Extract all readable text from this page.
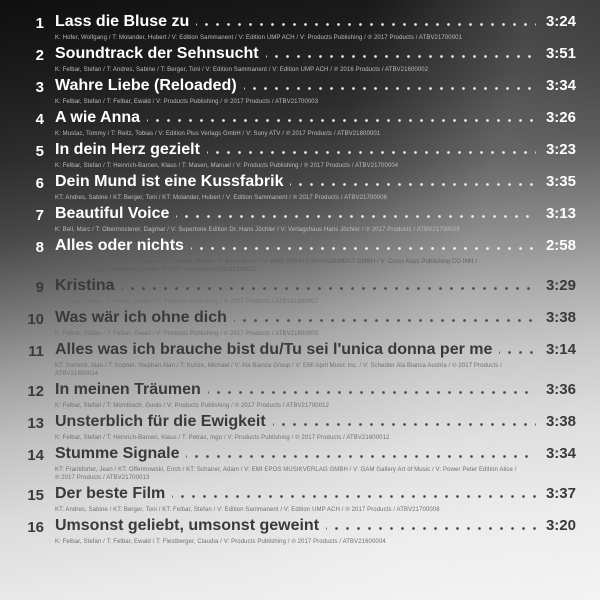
1 Lass die Bluse zu	3:24
K: Hofer, Wolfgang / T: Molander, Hubert / V: Edition Sammanent / V: Edition UMP ACH / V: Products Publishing / ℗ 2017 Products / ATBV21700001
2 Soundtrack der Sehnsucht	3:51
K: Felbar, Stefan / T: Andres, Sabine / T: Berger, Toni / V: Edition Sammanent / V: Edition UMP ACH / ℗ 2016 Products / ATBV21600002
3 Wahre Liebe (Reloaded)	3:34
K: Felbar, Stefan / T: Felbar, Ewald / V: Products Publishing / ℗ 2017 Products / ATBV21700003
4 A wie Anna	3:26
K: Mustac, Tommy / T: Reitz, Tobias / V: Edition Plus Verlags GmbH / V: Sony ATV / ℗ 2017 Products / ATBV21800001
5 In dein Herz gezielt	3:23
K: Felbar, Stefan / T: Heinrich-Barcen, Klaus / T: Masen, Manuel / V: Products Publishing / ℗ 2017 Products / ATBV21700004
6 Dein Mund ist eine Kussfabrik	3:35
KT: Andres, Sabine / KT: Berger, Toni / KT: Molander, Hubert / V: Edition Sammanent / ℗ 2017 Products / ATBV21700006
7 Beautiful Voice	3:13
K: Bell, Marc / T: Obermosterer, Dagmar / V: Supertone Edition Dr. Hans Jöchler / V: Verlagshaus Hans Jöchler / ℗ 2017 Products / ATBV21700029
8 Alles oder nichts	2:58
KT: Anderson, Al / KT: Carter, Carlene / ST: Gerke, Walter / V: Bash Music / V: BMG RIGHTS MANAGEMENT GMBH / V: Cross Keys Publishing CO INN /
V: Sony ATV Music Publishing GmbH / ℗ 2017 Products / ATBV21700011
9 Kristina	3:29
K: Felbar, Stefan / T: Felbar, Ewald / V: Products Publishing / ℗ 2017 Products / ATBV21600007
10 Was wär ich ohne dich	3:38
K: Felbar, Stefan / T: Felbar, Ewald / V: Products Publishing / ℗ 2017 Products / ATBV21600003
11 Alles was ich brauche bist du/Tu sei l'unica donna per me	3:14
KT: Sorrenti, Alan / T: Kopner, Stephan Alan / T: Kunze, Michael / V: Ala Bianca Group / V: EMI April Music Inc. / V: Schedler Ala Bianca Austria / ℗ 2017 Products /
ATBV21600014
12 In meinen Träumen	3:36
K: Felbar, Stefan / T: Mombloch, Guido / V: Products Publishing / ℗ 2017 Products / ATBV21700012
13 Unsterblich für die Ewigkeit	3:38
K: Felbar, Stefan / T: Heinrich-Barcen, Klaus / T: Petras, Ingo / V: Products Publishing / ℗ 2017 Products / ATBV21600012
14 Stumme Signale	3:34
KT: Frankfurter, Jean / KT: Offermowski, Erich / KT: Schairer, Adam / V: EMI EPOS MUSIKVERLAG GMBH / V: GAM Gallery Art of Music / V: Power Peter Edition Alice /
℗ 2017 Products / ATBV21700013
15 Der beste Film	3:37
KT: Andres, Sabine / KT: Berger, Toni / KT: Felbar, Stefan / V: Edition Sammanent / V: Edition UMP ACH / ℗ 2017 Products / ATBV21700008
16 Umsonst geliebt, umsonst geweint	3:20
K: Felbar, Stefan / T: Felbar, Ewald / T: Flestberger, Claudia / V: Products Publishing / ℗ 2017 Products / ATBV21600004
